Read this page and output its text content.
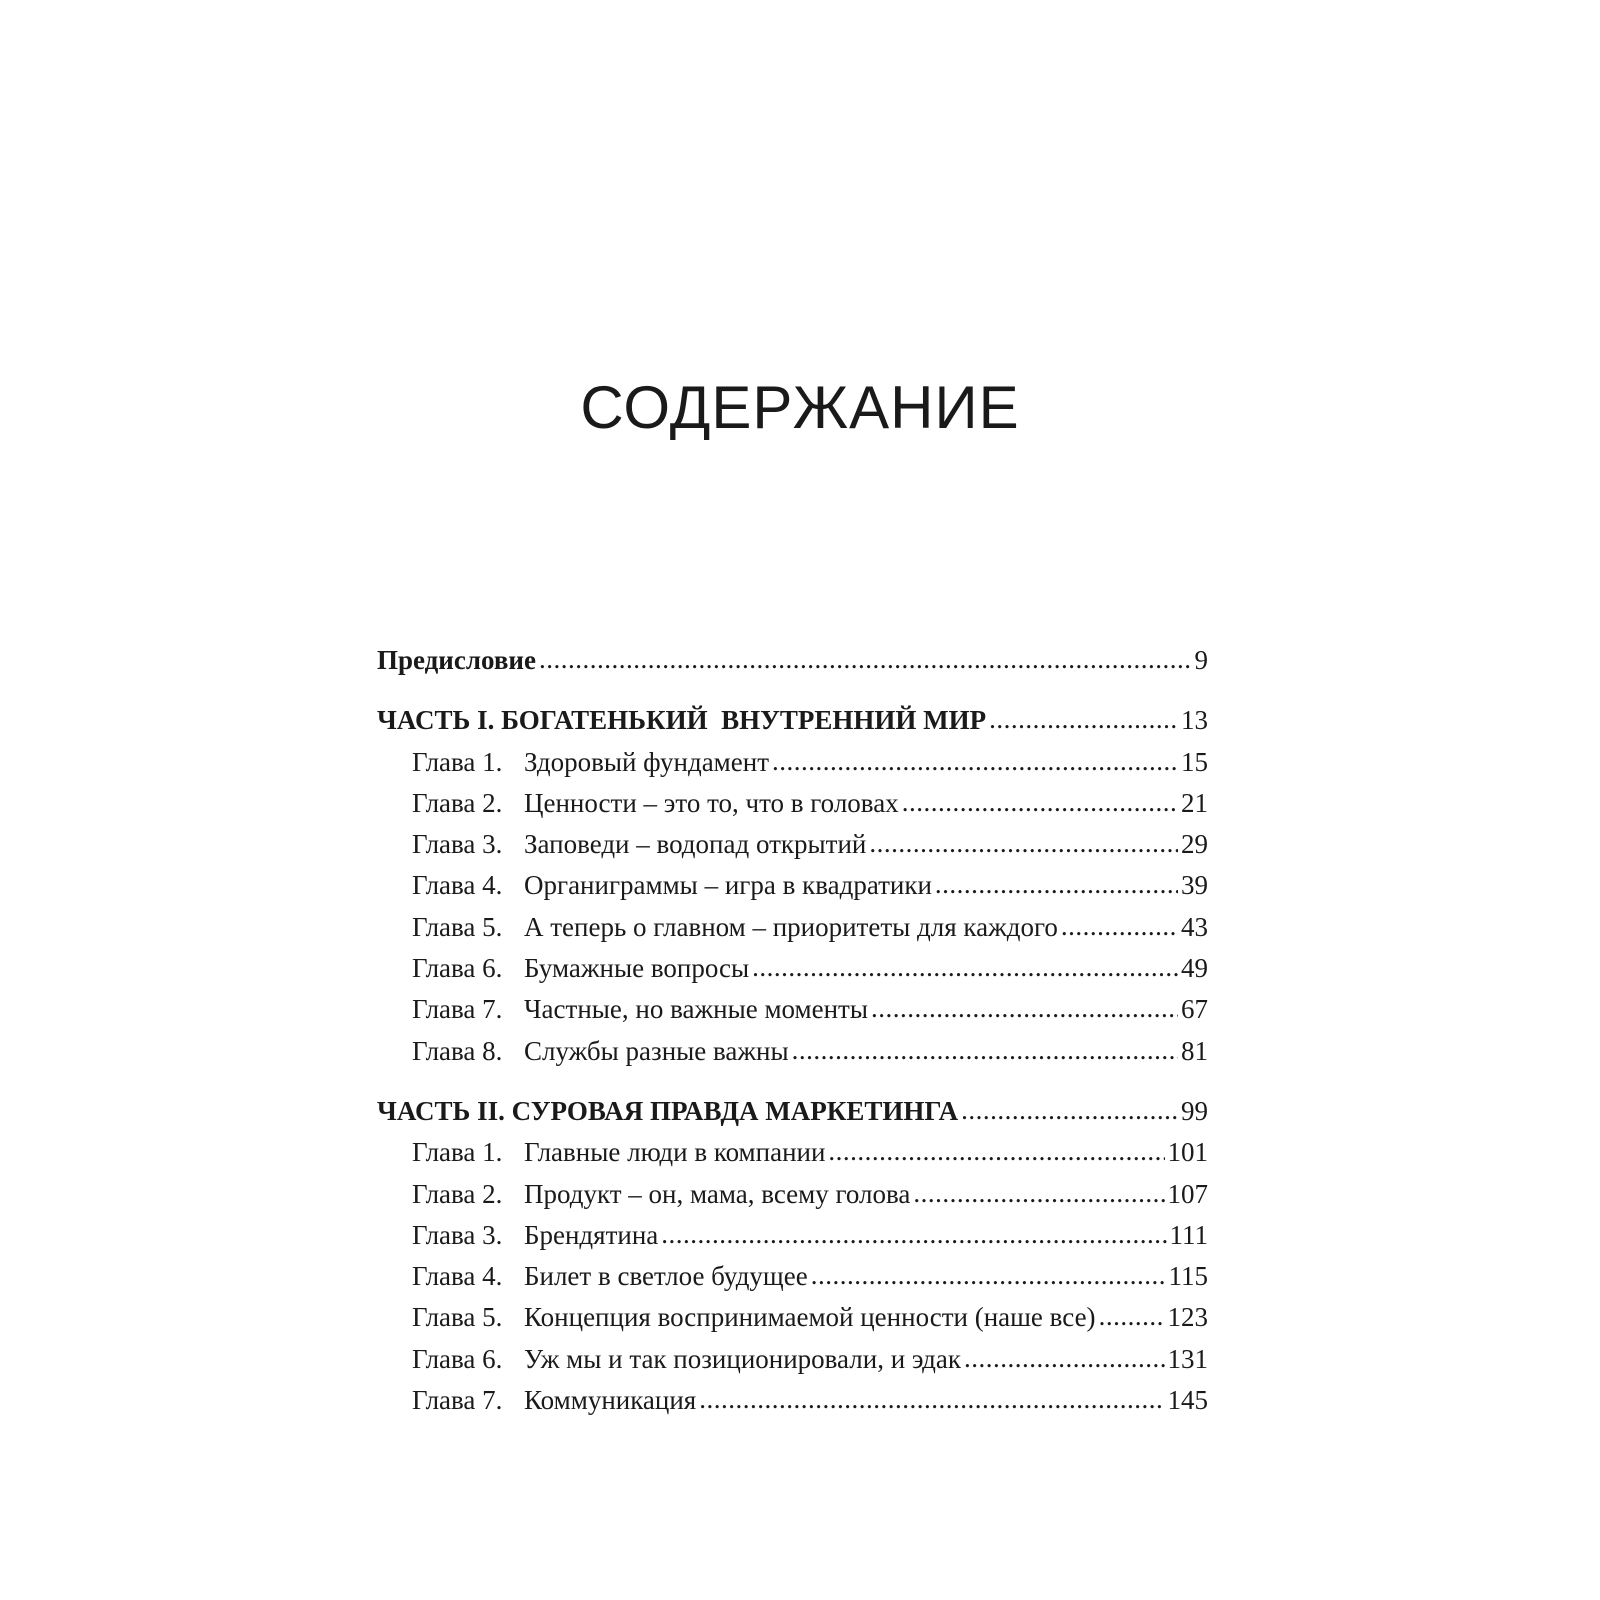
СОДЕРЖАНИЕ
Предисловие .....	9
ЧАСТЬ I. БОГАТЕНЬКИЙ  ВНУТРЕННИЙ МИР .....	13
Глава 1. Здоровый фундамент .....	15
Глава 2. Ценности – это то, что в головах .....	21
Глава 3. Заповеди – водопад открытий .....	29
Глава 4. Органиграммы – игра в квадратики .....	39
Глава 5. А теперь о главном – приоритеты для каждого .....	43
Глава 6. Бумажные вопросы .....	49
Глава 7. Частные, но важные моменты .....	67
Глава 8. Службы разные важны .....	81
ЧАСТЬ II. СУРОВАЯ ПРАВДА МАРКЕТИНГА .....	99
Глава 1. Главные люди в компании .....	101
Глава 2. Продукт – он, мама, всему голова .....	107
Глава 3. Брендятина .....	111
Глава 4. Билет в светлое будущее .....	115
Глава 5. Концепция воспринимаемой ценности (наше все) .....	123
Глава 6. Уж мы и так позиционировали, и эдак .....	131
Глава 7. Коммуникация .....	145
